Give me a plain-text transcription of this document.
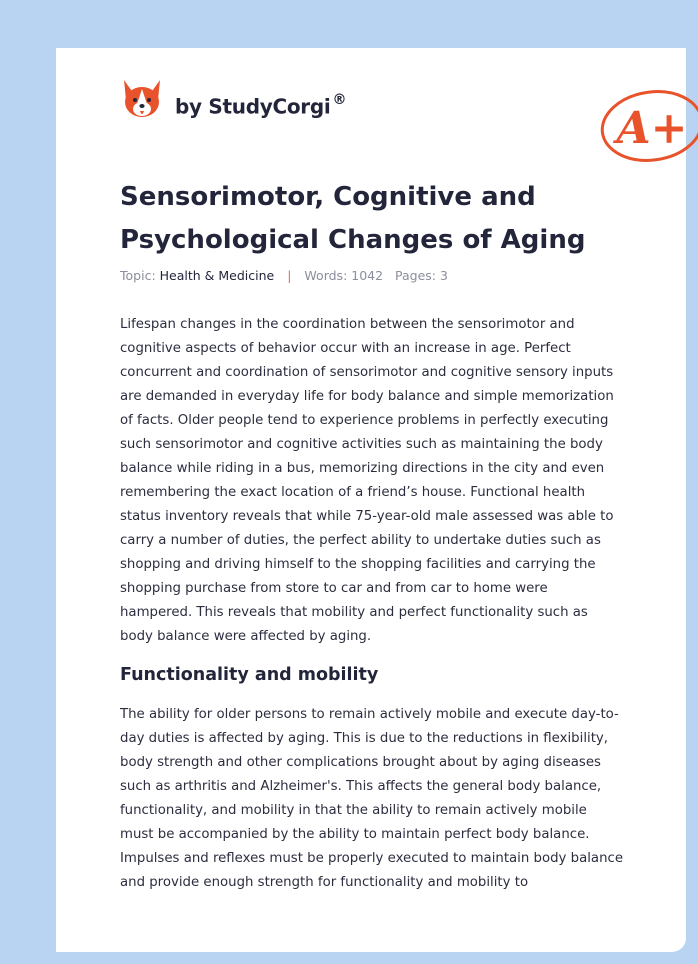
by StudyCorgi ®
A+
Sensorimotor, Cognitive and Psychological Changes of Aging
Topic: Health & Medicine | Words: 1042 Pages: 3

Lifespan changes in the coordination between the sensorimotor and cognitive aspects of behavior occur with an increase in age. Perfect concurrent and coordination of sensorimotor and cognitive sensory inputs are demanded in everyday life for body balance and simple memorization of facts. Older people tend to experience problems in perfectly executing such sensorimotor and cognitive activities such as maintaining the body balance while riding in a bus, memorizing directions in the city and even remembering the exact location of a friend’s house. Functional health status inventory reveals that while 75-year-old male assessed was able to carry a number of duties, the perfect ability to undertake duties such as shopping and driving himself to the shopping facilities and carrying the shopping purchase from store to car and from car to home were hampered. This reveals that mobility and perfect functionality such as body balance were affected by aging.

Functionality and mobility

The ability for older persons to remain actively mobile and execute day-to-day duties is affected by aging. This is due to the reductions in flexibility, body strength and other complications brought about by aging diseases such as arthritis and Alzheimer's. This affects the general body balance, functionality, and mobility in that the ability to remain actively mobile must be accompanied by the ability to maintain perfect body balance. Impulses and reflexes must be properly executed to maintain body balance and provide enough strength for functionality and mobility to
